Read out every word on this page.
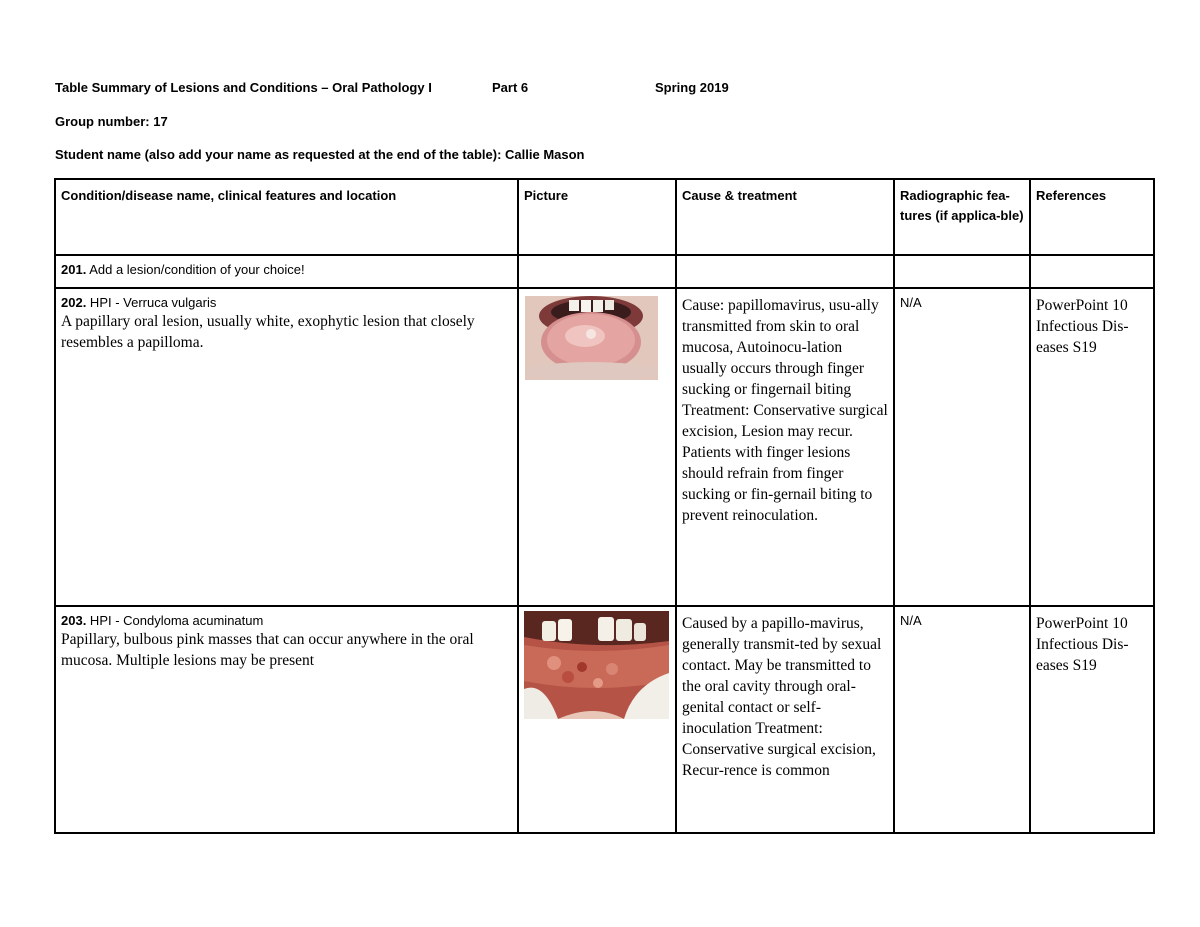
Table Summary of Lesions and Conditions – Oral Pathology I	Part 6	Spring 2019
Group number: 17
Student name (also add your name as requested at the end of the table): Callie Mason
Condition/disease name, clinical features and location	Picture	Cause & treatment	Radiographic fea-tures (if applica-ble)	References
201. Add a lesion/condition of your choice!				

202. HPI - Verruca vulgaris
A papillary oral lesion, usually white, exophytic lesion that closely resembles a papilloma.		Cause: papillomavirus, usu-ally transmitted from skin to oral mucosa, Autoinocu-lation usually occurs through finger sucking or fingernail biting Treatment: Conservative surgical excision, Lesion may recur. Patients with finger lesions should refrain from finger sucking or fin-gernail biting to prevent reinoculation.	N/A	PowerPoint 10 Infectious Dis-eases S19

203. HPI - Condyloma acuminatum
Papillary, bulbous pink masses that can occur anywhere in the oral mucosa. Multiple lesions may be present		Caused by a papillo-mavirus, generally transmit-ted by sexual contact. May be transmitted to the oral cavity through oral-genital contact or self-inoculation Treatment: Conservative surgical excision, Recur-rence is common	N/A	PowerPoint 10 Infectious Dis-eases S19
